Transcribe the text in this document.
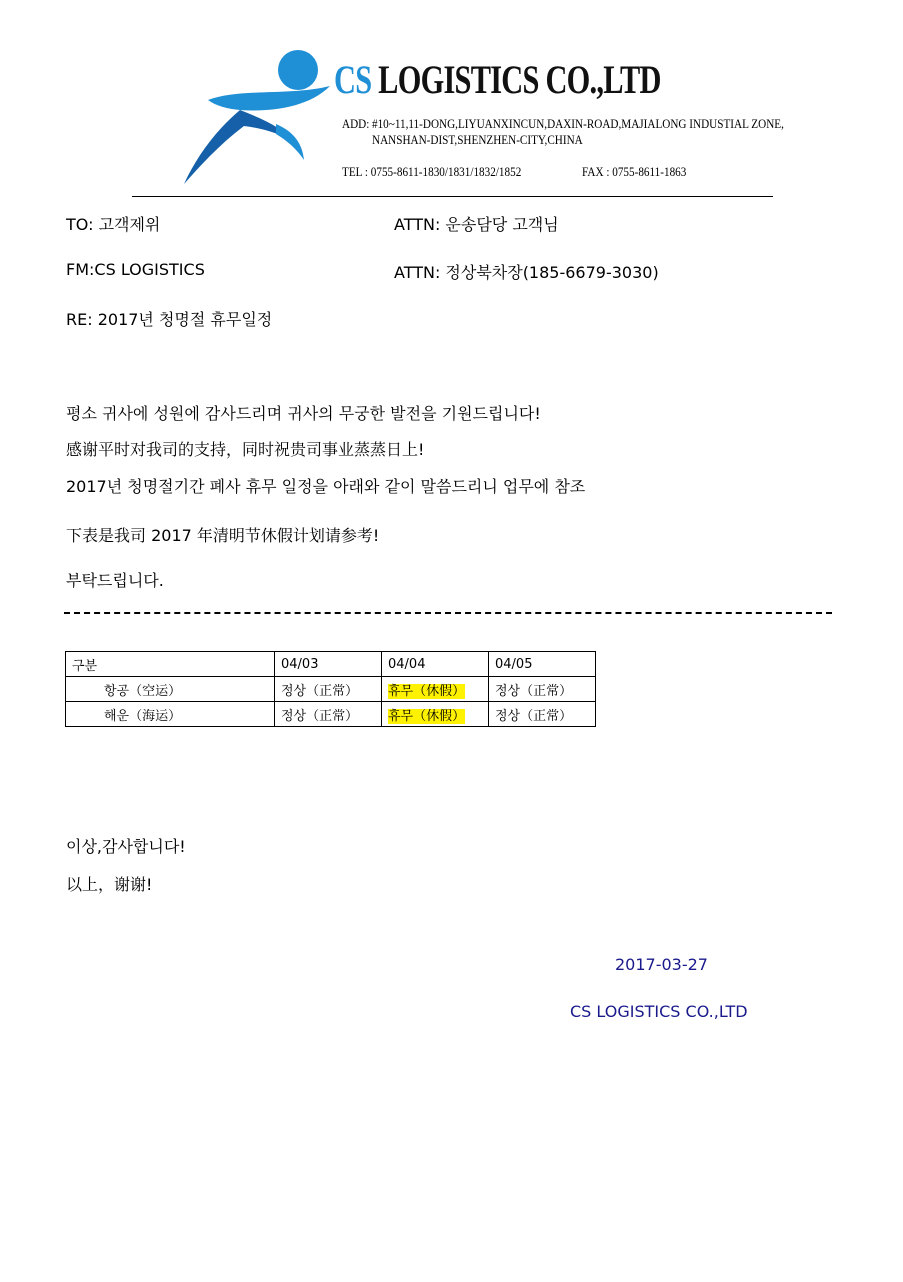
CS LOGISTICS CO.,LTD
ADD: #10~11,11-DONG,LIYUANXINCUN,DAXIN-ROAD,MAJIALONG INDUSTIAL ZONE,
NANSHAN-DIST,SHENZHEN-CITY,CHINA
TEL : 0755-8611-1830/1831/1832/1852	FAX : 0755-8611-1863
TO: 고객제위	ATTN: 운송담당 고객님
FM:CS LOGISTICS	ATTN: 정상북차장(185-6679-3030)
RE: 2017년 청명절 휴무일정
평소 귀사에 성원에 감사드리며 귀사의 무궁한 발전을 기원드립니다!
感谢平时对我司的支持，同时祝贵司事业蒸蒸日上!
2017년 청명절기간 폐사 휴무 일정을 아래와 같이 말씀드리니 업무에 참조
下表是我司 2017 年清明节休假计划请参考!
부탁드립니다.
구분	04/03	04/04	04/05
항공（空运）	정상（正常）	휴무（休假）	정상（正常）
해운（海运）	정상（正常）	휴무（休假）	정상（正常）
이상,감사합니다!
以上，谢谢!
2017-03-27
CS LOGISTICS CO.,LTD
